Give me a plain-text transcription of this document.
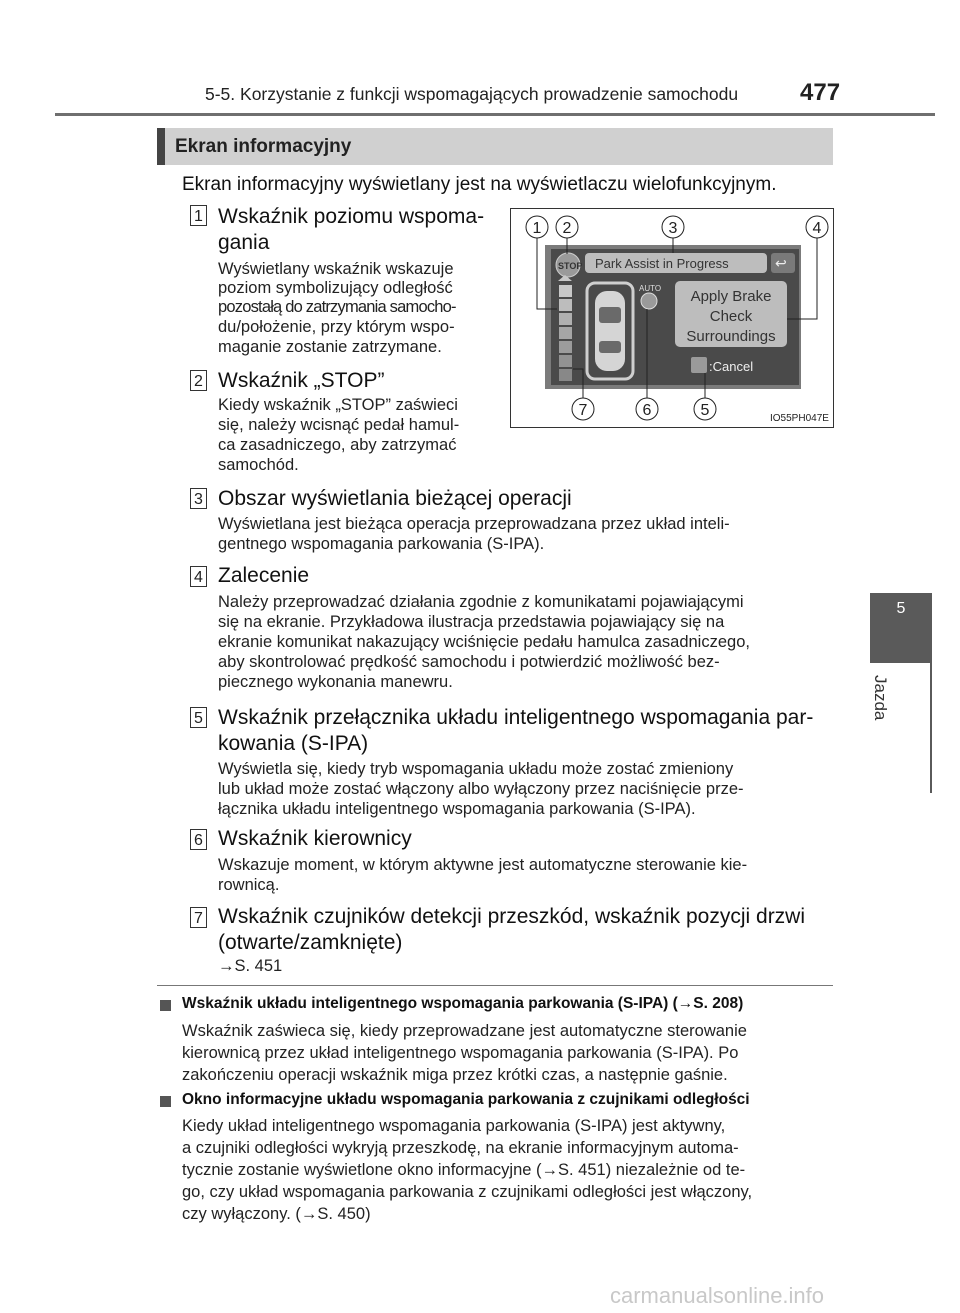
5-5. Korzystanie z funkcji wspomagających prowadzenie samochodu	477
5
Jazda
Ekran informacyjny
Ekran informacyjny wyświetlany jest na wyświetlaczu wielofunkcyjnym.
1 Wskaźnik poziomu wspoma-
gania
Wyświetlany wskaźnik wskazuje
poziom symbolizujący odległość
pozostałą do zatrzymania samocho-
du/położenie, przy którym wspo-
maganie zostanie zatrzymane.
2 Wskaźnik „STOP”
Kiedy wskaźnik „STOP” zaświeci
się, należy wcisnąć pedał hamul-
ca zasadniczego, aby zatrzymać
samochód.
3 Obszar wyświetlania bieżącej operacji
Wyświetlana jest bieżąca operacja przeprowadzana przez układ inteli-
gentnego wspomagania parkowania (S-IPA).
4 Zalecenie
Należy przeprowadzać działania zgodnie z komunikatami pojawiającymi
się na ekranie. Przykładowa ilustracja przedstawia pojawiający się na
ekranie komunikat nakazujący wciśnięcie pedału hamulca zasadniczego,
aby skontrolować prędkość samochodu i potwierdzić możliwość bez-
piecznego wykonania manewru.
5 Wskaźnik przełącznika układu inteligentnego wspomagania par-
kowania (S-IPA)
Wyświetla się, kiedy tryb wspomagania układu może zostać zmieniony
lub układ może zostać włączony albo wyłączony przez naciśnięcie prze-
łącznika układu inteligentnego wspomagania parkowania (S-IPA).
6 Wskaźnik kierownicy
Wskazuje moment, w którym aktywne jest automatyczne sterowanie kie-
rownicą.
7 Wskaźnik czujników detekcji przeszkód, wskaźnik pozycji drzwi
(otwarte/zamknięte)
→S. 451
Wskaźnik układu inteligentnego wspomagania parkowania (S-IPA) (→S. 208)
Wskaźnik zaświeca się, kiedy przeprowadzane jest automatyczne sterowanie
kierownicą przez układ inteligentnego wspomagania parkowania (S-IPA). Po
zakończeniu operacji wskaźnik miga przez krótki czas, a następnie gaśnie.
Okno informacyjne układu wspomagania parkowania z czujnikami odległości
Kiedy układ inteligentnego wspomagania parkowania (S-IPA) jest aktywny,
a czujniki odległości wykryją przeszkodę, na ekranie informacyjnym automa-
tycznie zostanie wyświetlone okno informacyjne (→S. 451) niezależnie od te-
go, czy układ wspomagania parkowania z czujnikami odległości jest włączony,
czy wyłączony. (→S. 450)
Park Assist in Progress	↩
STOP
AUTO Apply Brake
Check
Surroundings
:Cancel
1 2	3	4
7	6	5	IO55PH047E
carmanualsonline.info
